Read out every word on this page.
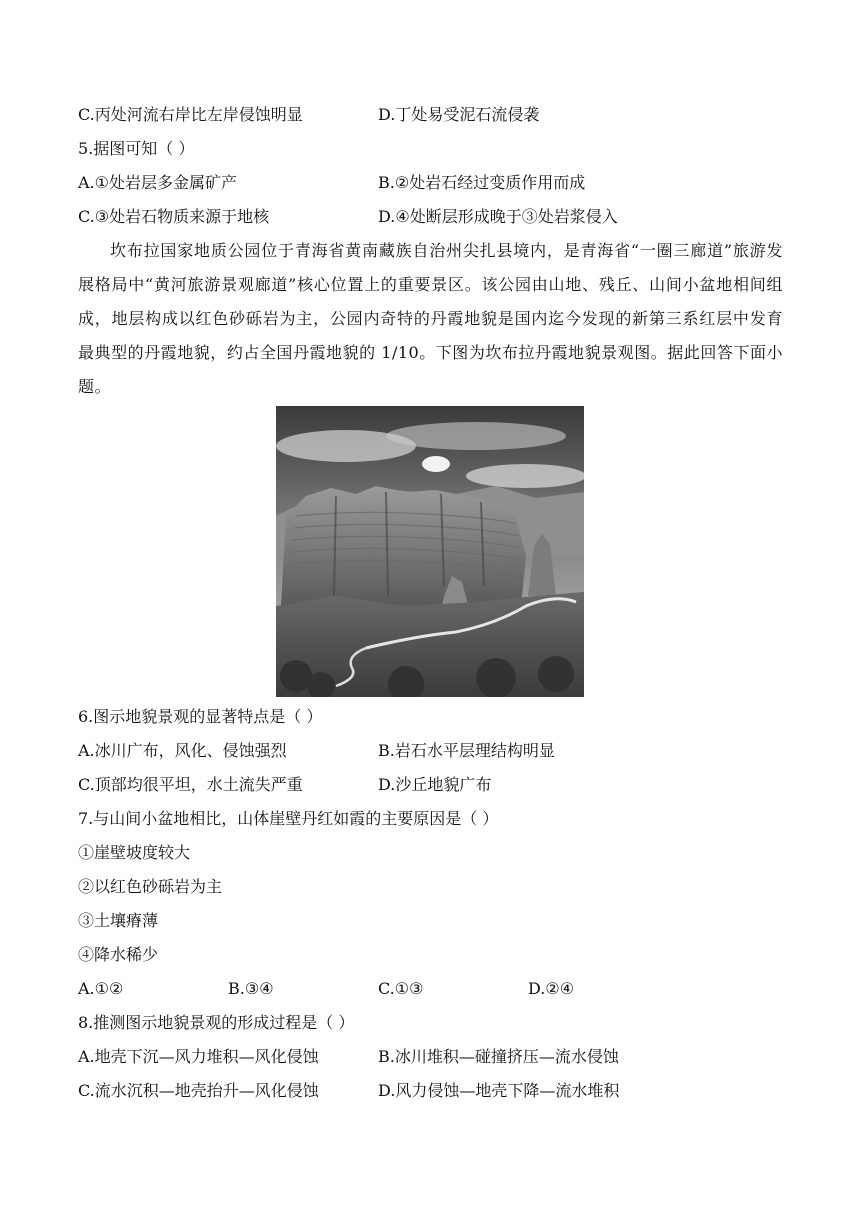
C.丙处河流右岸比左岸侵蚀明显	D.丁处易受泥石流侵袭
5.据图可知（ ）
A.①处岩层多金属矿产	B.②处岩石经过变质作用而成
C.③处岩石物质来源于地核	D.④处断层形成晚于③处岩浆侵入

坎布拉国家地质公园位于青海省黄南藏族自治州尖扎县境内，是青海省“一圈三廊道”旅游发展格局中“黄河旅游景观廊道”核心位置上的重要景区。该公园由山地、残丘、山间小盆地相间组成，地层构成以红色砂砾岩为主，公园内奇特的丹霞地貌是国内迄今发现的新第三系红层中发育最典型的丹霞地貌，约占全国丹霞地貌的 1/10。下图为坎布拉丹霞地貌景观图。据此回答下面小题。

6.图示地貌景观的显著特点是（ ）
A.冰川广布，风化、侵蚀强烈	B.岩石水平层理结构明显
C.顶部均很平坦，水土流失严重	D.沙丘地貌广布
7.与山间小盆地相比，山体崖壁丹红如霞的主要原因是（ ）
①崖壁坡度较大
②以红色砂砾岩为主
③土壤瘠薄
④降水稀少
A.①②	B.③④	C.①③	D.②④
8.推测图示地貌景观的形成过程是（ ）
A.地壳下沉—风力堆积—风化侵蚀	B.冰川堆积—碰撞挤压—流水侵蚀
C.流水沉积—地壳抬升—风化侵蚀	D.风力侵蚀—地壳下降—流水堆积
